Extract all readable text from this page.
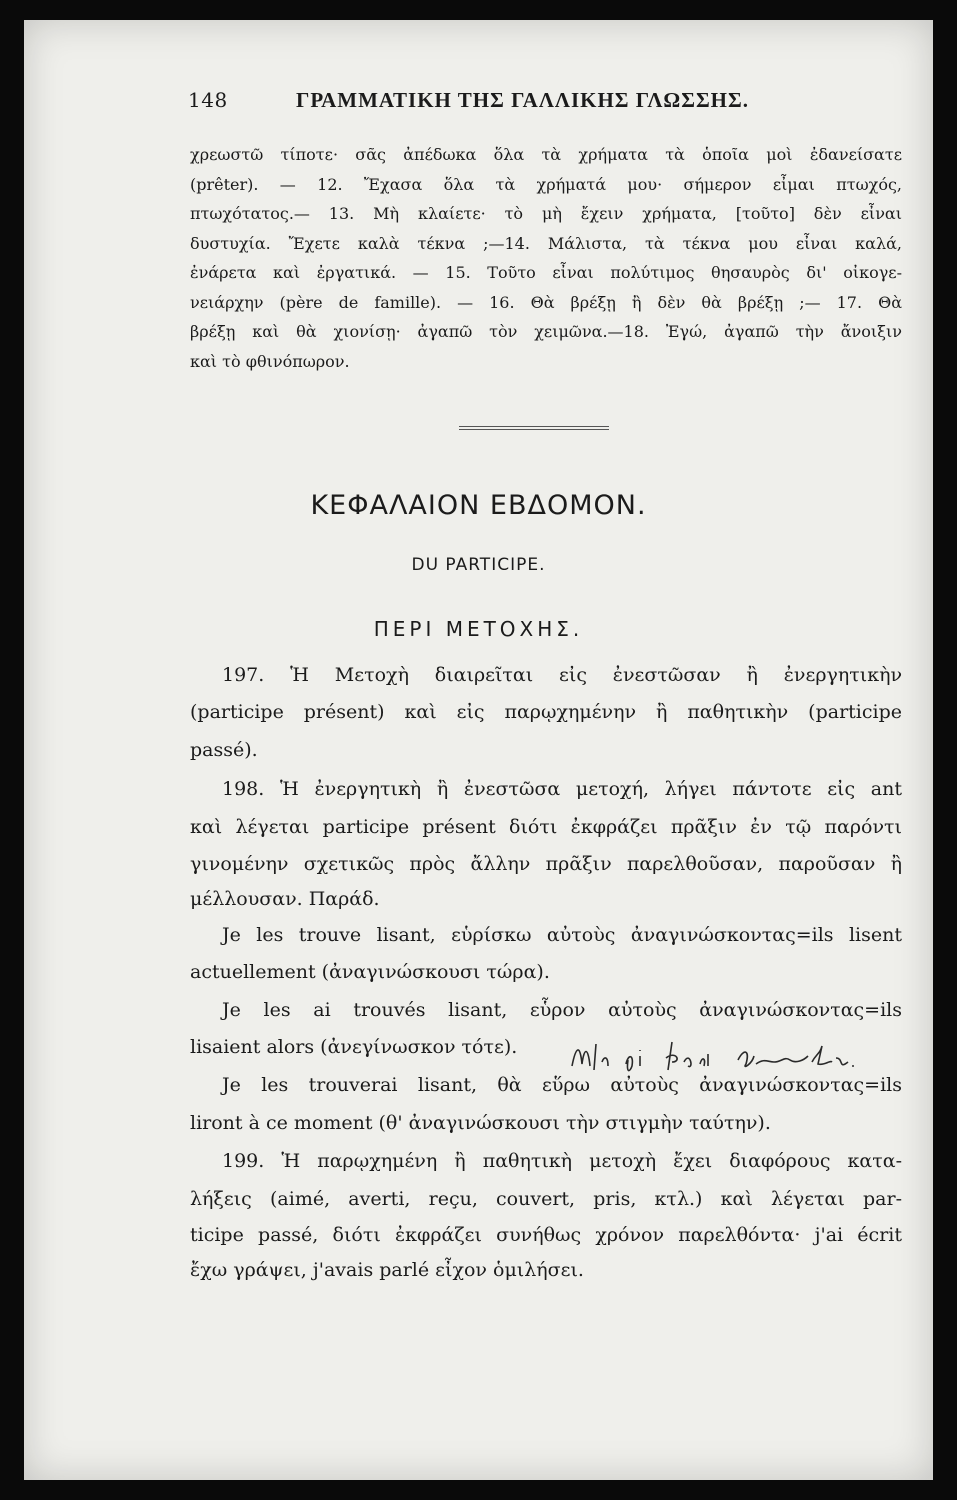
148	ΓΡΑΜΜΑΤΙΚΗ ΤΗΣ ΓΑΛΛΙΚΗΣ ΓΛΩΣΣΗΣ.
χρεωστῶ τίποτε· σᾶς ἀπέδωκα ὅλα τὰ χρήματα τὰ ὁποῖα μοὶ ἐδανείσατε
(prêter). — 12. Ἔχασα ὅλα τὰ χρήματά μου· σήμερον εἶμαι πτωχός,
πτωχότατος.— 13. Μὴ κλαίετε· τὸ μὴ ἔχειν χρήματα, [τοῦτο] δὲν εἶναι
δυστυχία. Ἔχετε καλὰ τέκνα ;—14. Μάλιστα, τὰ τέκνα μου εἶναι καλά,
ἐνάρετα καὶ ἐργατικά. — 15. Τοῦτο εἶναι πολύτιμος θησαυρὸς δι' οἰκογε-
νειάρχην (père de famille). — 16. Θὰ βρέξῃ ἢ δὲν θὰ βρέξῃ ;— 17. Θὰ
βρέξῃ καὶ θὰ χιονίσῃ· ἀγαπῶ τὸν χειμῶνα.—18. Ἐγώ, ἀγαπῶ τὴν ἄνοιξιν
καὶ τὸ φθινόπωρον.
ΚΕΦΑΛΑΙΟΝ ΕΒΔΟΜΟΝ.
DU PARTICIPE.
ΠΕΡΙ ΜΕΤΟΧΗΣ.
197. Ἡ Μετοχὴ διαιρεῖται εἰς ἐνεστῶσαν ἢ ἐνεργητικὴν
(participe présent) καὶ εἰς παρῳχημένην ἢ παθητικὴν (participe
passé).
198. Ἡ ἐνεργητικὴ ἢ ἐνεστῶσα μετοχή, λήγει πάντοτε εἰς ant
καὶ λέγεται participe présent διότι ἐκφράζει πρᾶξιν ἐν τῷ παρόντι
γινομένην σχετικῶς πρὸς ἄλλην πρᾶξιν παρελθοῦσαν, παροῦσαν ἢ
μέλλουσαν. Παράδ.
Je les trouve lisant, εὑρίσκω αὐτοὺς ἀναγινώσκοντας=ils lisent
actuellement (ἀναγινώσκουσι τώρα).
Je les ai trouvés lisant, εὗρον αὐτοὺς ἀναγινώσκοντας=ils
lisaient alors (ἀνεγίνωσκον τότε).
Je les trouverai lisant, θὰ εὕρω αὐτοὺς ἀναγινώσκοντας=ils
liront à ce moment (θ' ἀναγινώσκουσι τὴν στιγμὴν ταύτην).
199. Ἡ παρῳχημένη ἢ παθητικὴ μετοχὴ ἔχει διαφόρους κατα-
λήξεις (aimé, averti, reçu, couvert, pris, κτλ.) καὶ λέγεται par-
ticipe passé, διότι ἐκφράζει συνήθως χρόνον παρελθόντα· j'ai écrit
ἔχω γράψει, j'avais parlé εἶχον ὁμιλήσει.
